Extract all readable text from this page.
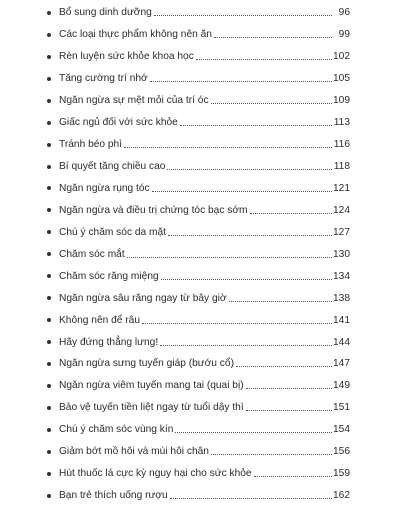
Bổ sung dinh dưỡng	96
Các loại thực phẩm không nên ăn	99
Rèn luyện sức khỏe khoa học	102
Tăng cường trí nhớ	105
Ngăn ngừa sự mệt mỏi của trí óc	109
Giấc ngủ đối với sức khỏe	113
Tránh béo phì	116
Bí quyết tăng chiều cao	118
Ngăn ngừa rụng tóc	121
Ngăn ngừa và điều trị chứng tóc bạc sớm	124
Chú ý chăm sóc da mặt	127
Chăm sóc mắt	130
Chăm sóc răng miệng	134
Ngăn ngừa sâu răng ngay từ bây giờ	138
Không nên để râu	141
Hãy đứng thẳng lưng!	144
Ngăn ngừa sưng tuyến giáp (bướu cổ)	147
Ngăn ngừa viêm tuyến mang tai (quai bị)	149
Bảo vệ tuyến tiền liệt ngay từ tuổi dậy thì	151
Chú ý chăm sóc vùng kín	154
Giảm bớt mồ hôi và mùi hôi chân	156
Hút thuốc lá cực kỳ nguy hại cho sức khỏe	159
Bạn trẻ thích uống rượu	162
